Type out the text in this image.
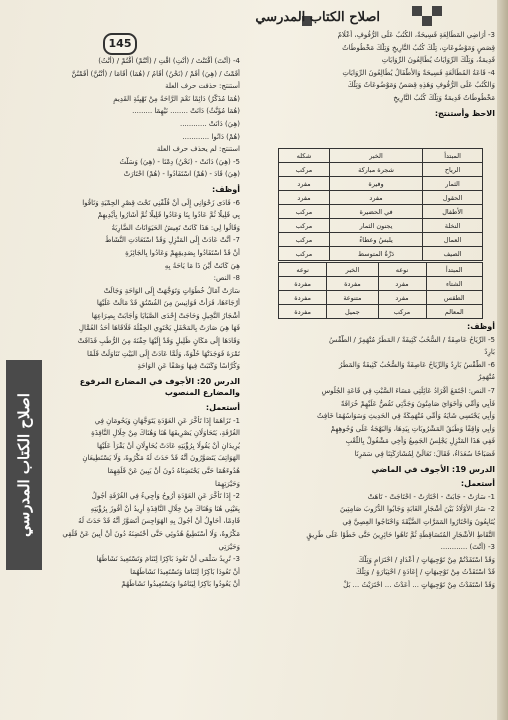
اصلاح الكتاب المدرسي
145
اصلاح الكتاب المدرسي

4- (أَنْتَ) أَقْتَنْتَ / (أَنْتِ) اقْتِ / (أَنْتُمْ) أَقْتُمْ / (أَنْتُ)

أَقَمْتُ / (هِيَ) أَقَمْ / (نَحْنُ) أَقَامُ / (هُمَا) أَقَامَا / (أَنْتُنَّ) أَقَمْتُنَّ

أستنتج: حذفت حرف العلة

(هُمَا مُذَكَّرٌ) دَائِمًا نَعْمَ الرَّاحَةُ مِنْ تَهْيِئَةِ القَدِيمِ

(هُمَا مُؤَنَّثٌ) دَانَتْ ........ نَيْهِمَا .........

(هِيَ) دَانَتْ ............

(هُمْ) دَانُوا ............

استنتج: لم يحذف حرف العلة

5- (هِيَ) دَانَتْ - (نَحْنُ) دِمْنَا - (هِيَ) وَسَلْتُ

(هِيَ) قَادَ - (هُمْ) اسْتَفَادُوا - (هُمْ) احْتَارَتْ

أوظف:

6- فَادَى زَحْوَانِي إِلَى أَنْ فُلَّفْنِي تَحْتَ قِصْرِ الحِمْيَةِ وَنَاقُوا

بِي قَلِيلًا ثُمَّ عَادُوا بِنَا وَعَادُوا قَلِيلًا ثُمَّ أَشَارُوا بِأَيْدِيهِمْ

وَقَالُوا لِي: هَذَا كَانَتْ تَعِيشُ الحَيَوَانَاتُ الضَّارِيَةُ

7- أَنَّتْ عَادَتْ إِلَى المَنْزِلِ وَقَدْ اسْتَعَادَتِ النَّشَاطَ

أَنْ قَدْ اسْتَفَادُوا بِصَدِيقِهِمْ وَعَادُوا بِالجَائِزَةِ

هِيَ كَانَتْ أَيْنَ ذَا مَا يَاحَةُ بِهِ

8- النص:

سَارَتْ آمَالُ خُطُوَاتٍ وَتَوَجَّهَتْ إِلَى الوَاحَةِ وَجَالَتْ

أَرْجَاءَهَا، فَرَأَتْ فَوَانِيسَ مِنَ الفُسْتُقِ قَدْ مَالَتْ عَلَيْهَا

أَشْجَارُ النَّخِيلِ وَحَاجَتْ إِحْدَى الصَّبَايَا وَأَجَابَتْ بِصِرَاعِهَا

فَهَا هِيَ صَارَتْ بِالمَحْفَلِ يَحْتَوِي الحِفْلَةَ فَلَاقَاهَا أَحَدُ العُمَّالِ

وَقَادَهَا إِلَى مَكَانٍ ظَلِيلٍ وَقَدْ إِلَيْهَا حِفْنَةَ مِنَ الرُّطَبِ فَذَاقَتْ

تَمْرَةَ فَوَجَدَتْهَا حُلْوَةً، وَلَمَّا عَادَتْ إِلَى البَيْتِ تَنَاوَلَتْ قَلَمًا

وَكُرَّاسًا وَكَتَبَتْ فِيهَا وَصْفًا عَنِ الوَاحَةِ

الدرس 20: الأجوف في المضارع المرفوع والمضارع المنصوب
أستعمل:

1- تَزَاهَمَا إِذَا تَأَخَّرَ عَنِ العَوْدَةِ يَتَوَجَّهَانِ وَيَحُومَانِ فِي

الغُرْفَةِ، يَتَحَاوَلَانِ يَصْرِيفَهَا هُنَا وَهُنَاكَ مِنْ خِلَالِ النَّافِذَةِ

يُرِيدَانِ أَنْ يَقُولَا بِرُؤْيَتِهِ عَادَتْ يُحَاوِلَانِ أَنْ يَقْرَأَ عَلَيْهَا

الهَوَاتِفَ يَتَصَوَّرُونَ أَنَّهُ قَدْ حَدَثَ لَهُ مَكْرُوهٌ، وَلَا يَسْتَطِيعَانِ

هُدُوءَهُمَا حَتَّى يَحْتَضِنَاهُ دُونَ أَنْ يَبِينَ عَنْ قَلَقِهِمَا

وَحَيْرَتِهِمَا

2- إِذَا تَأَخَّرَ عَنِ العَوْدَةِ أَرُوحُ وَأَجِيءُ فِي الغُرْفَةِ أَجُولُ

بِعَيْنِي هُنَا وَهُنَاكَ مِنْ خِلَالِ النَّافِذَةِ أُرِيدُ أَنْ أَفُوزَ بِرُؤْيَتِهِ

قَادِمًا، أُحَاوِلُ أَنْ أَجُولَ بِهِ الهَوَاجِسَ أَتَصَوَّرُ أَنَّهُ قَدْ حَدَثَ لَهُ

مَكْرُوهٌ، وَلَا أَسْتَطِيعُ هُدُوئِي حَتَّى أَحْتَضِنَهُ دُونَ أَنْ أُبِينَ عَنْ قَلَقِي

وَحَيْرَتِي

3- تُرِيدُ سَلْمَى أَنْ تَعُودَ بَاكِرًا لِتَنَامَ وَتَسْتَعِيدَ نَشَاطَهَا

أَنْ تَعُودَا بَاكِرًا لِتَنَامَا وَتَسْتَعِيدَا نَشَاطَهُمَا

أَنْ يَعُودُوا بَاكِرًا لِيَنَامُوا وَيَسْتَعِيدُوا نَشَاطَهُمْ

3- أَرَاضِي المَطَالِعَةِ فَسِيحَةٌ، الكُتُبُ عَلَى الرُّفُوفِ، أَعْلَامٌ

قِصَصٍ وَمَوْضُوعَاتٍ، تِلْكَ كُتُبُ التَّارِيخِ وَتِلْكَ مَخْطُوطَاتٌ

قَدِيمَةٌ، وَتِلْكَ الرِّوَايَاتُ يُطَالِعُونَ الرِّوَايَاتِ

4- قَاعَةُ المُطَالَعَةِ فَسِيحَةٌ وَالأَطْفَالُ يُطَالِعُونَ الرِّوَايَاتِ

وَالكُتُبُ عَلَى الرُّفُوفِ وَهَذِهِ قِصَصٌ وَمَوْضُوعَاتٌ وَتِلْكَ

مَخْطُوطَاتٌ قَدِيمَةٌ وَتِلْكَ كُتُبُ التَّارِيخِ

الاحظ وأستنتج:
المبتدأ	الخبر	شكله
الرياح	شجرة مباركة	مركب
الثمار	وفيرة	مفرد
الحقول	مفرد	مفرد
الأطفال	في الحضيرة	مركب
النخلة	يجنون الثمار	مركب
العمال	يلبسُ وعطاءُ	مركب
الصيف	دَرَّةُ المتوسط	مركب
المبتدأ	نوعه	الخبر	نوعه
الشتاء	مفرد	مفردة	مفردة
الطقس	مفرد	متنوعة	مفردة
المعالم	مركب	جميل	مفردة
أوظف:

5- الرِّيَاحُ عَاصِفَةٌ / السُّحُبُ كَثِيفَةٌ / المَطَرُ مُنْهَمِرٌ / الطَّقْسُ

بَارِدٌ

6- الطَّقْسُ بَارِدٌ وَالرِّيَاحُ عَاصِفَةٌ وَالسُّحُبُ كَثِيفَةٌ وَالمَطَرُ

مُنْهَمِرٌ

7- النص: اجْتَمَعَ أَفْرَادُ عَائِلَتِي مَسَاءَ السَّبْتِ فِي قَاعَةِ الجُلُوسِ

فَأَبِي وَأُمِّي وَأَخَوَايَ صَامِتُونَ وَجَدَّتِي تَقُصُّ عَلَيْهِمْ خُرَافَةً

وَأَبِي يَحْتَسِي شَايَهُ وَأُمِّي مُنْهَمِكَةٌ فِي الحَدِيثِ وَسَوَاسُهُمَا خَافِتٌ

وَأَبِي وَاقِفًا وَطَبَقُ المَشْرُوبَاتِ بِيَدِهَا، وَالبَهْجَةُ عَلَى وُجُوهِهِمْ

فَفِي هَذَا المَنْزِلِ يَجْلِسُ الجَمِيعُ وَأَخِي مَشْغُولٌ بِاللُّعْبِ

فَصَبَاحًا سُعَدَاءُ، فَقَالَ: تَعَالَيْ لِمُشَارَكَتِنَا فِي سَمَرِنَا

الدرس 19: الأجوف في الماضي
أستعمل:

1- سَارَتْ - جَابَتْ - احْتَارَتْ - احْتَاجَتْ - تَاهَتْ

2- سَارَ الأَوْلَادُ بَيْنَ أَشْجَارِ الغَابَةِ وَجَابُوا الدُّرُوبَ صَامِتِينَ

يُتَابِعُونَ وَاحْتَارُوا المَمَرَّاتِ الضَّيِّقَةَ وَاحْتَاجُوا العِصِيَّ فِي

التَّقَاطِ الأَشْجَارِ المُتَسَاقِطَةِ ثُمَّ تَاهُوا حَائِرِينَ حَتَّى خَطَوْا عَلَى طَرِيقٍ

3- (أَنْتَ) ............

وَقَدْ اسْتَفَدْتُمْ مِنْ تَوْجِيهَاتٍ / أَعْدَادٍ / احْتَرَامٍ وَتِلْكَ

قَدْ اسْتَفَدْتُ مِنْ تَوْجِيهَاتٍ / إِعَادَةٍ / احْتِيَارَةٍ / وَتِلْكَ

وَقَدْ اسْتَفَدْتُ مِنْ تَوْجِيهَاتٍ ... أَعَدْتُ ... احْتَرَيْتُ ... بَلْ
